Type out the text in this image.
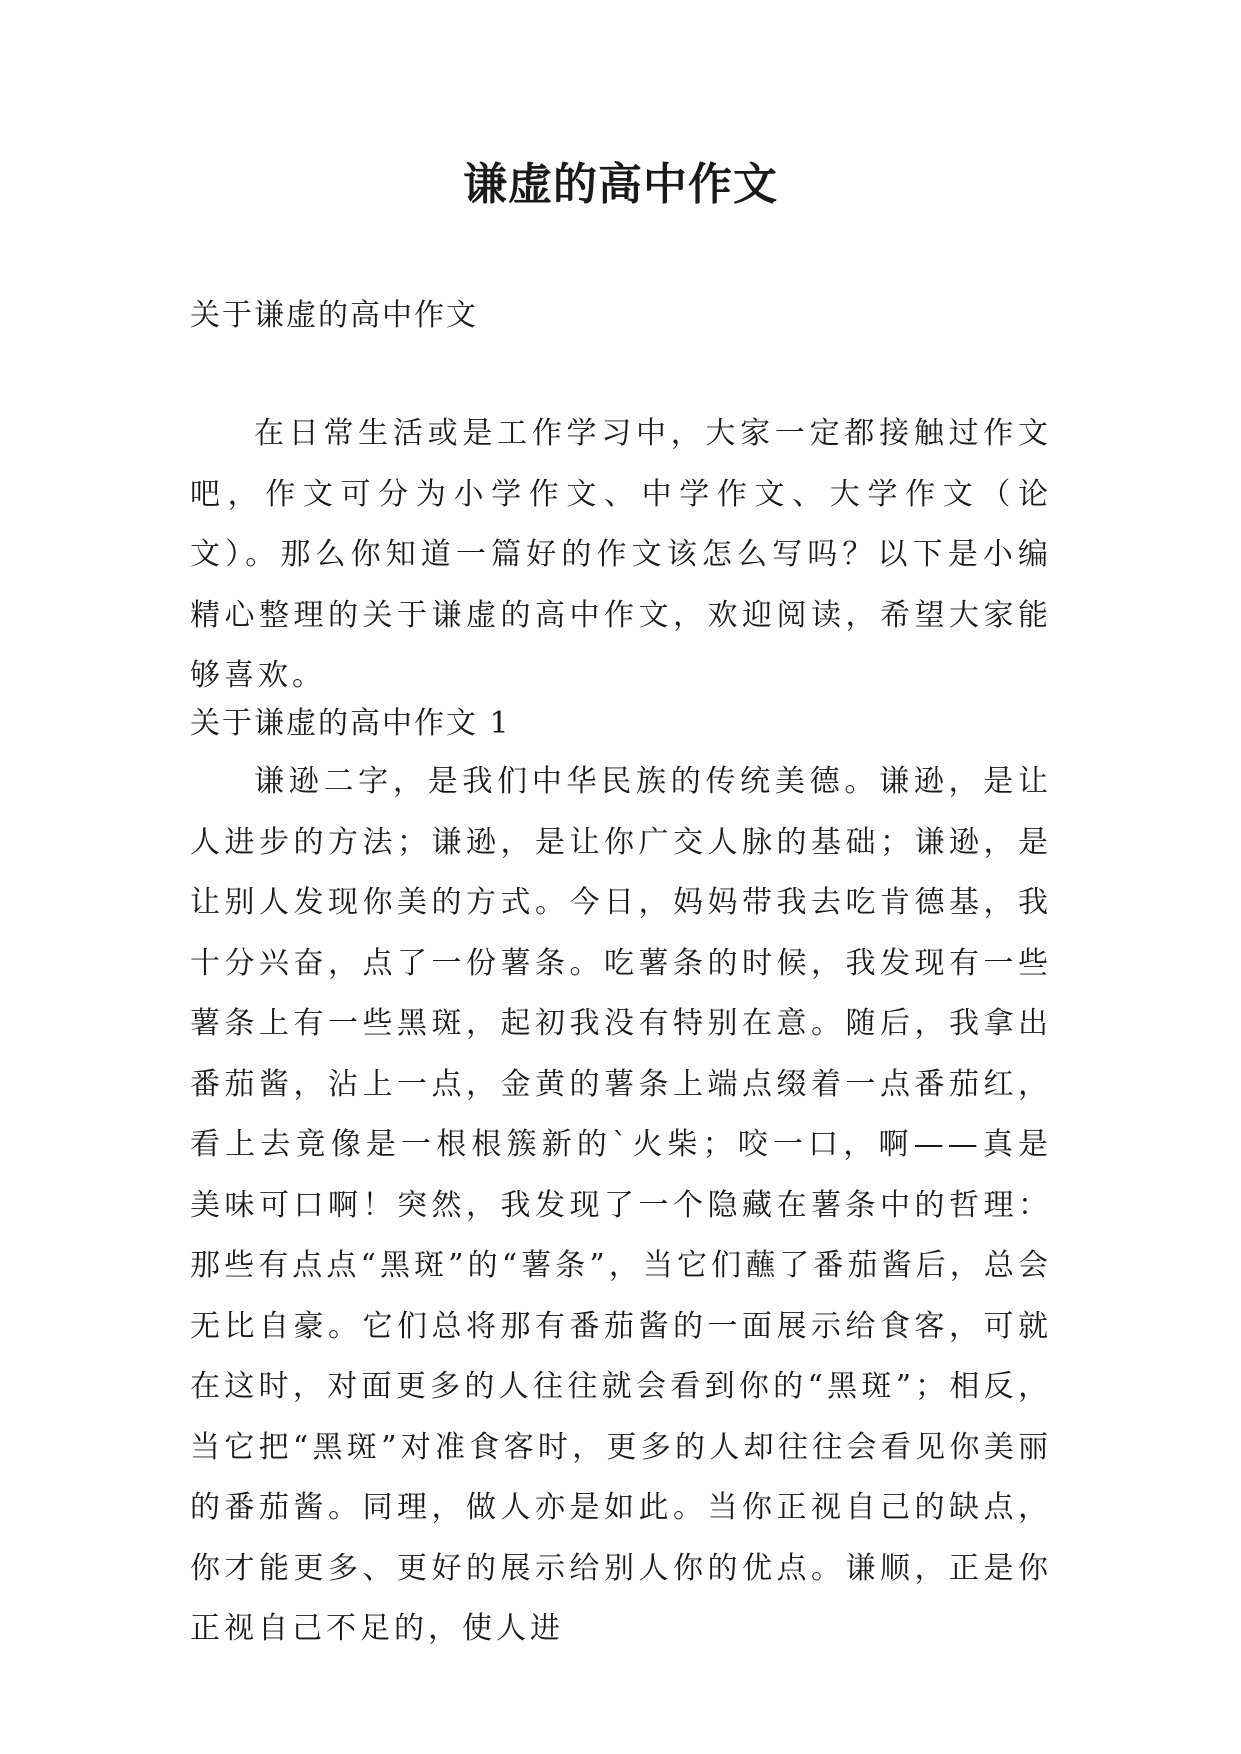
谦虚的高中作文

关于谦虚的高中作文

在日常生活或是工作学习中，大家一定都接触过作文吧，作文可分为小学作文、中学作文、大学作文（论文）。那么你知道一篇好的作文该怎么写吗？以下是小编精心整理的关于谦虚的高中作文，欢迎阅读，希望大家能够喜欢。

关于谦虚的高中作文 1

谦逊二字，是我们中华民族的传统美德。谦逊，是让人进步的方法；谦逊，是让你广交人脉的基础；谦逊，是让别人发现你美的方式。今日，妈妈带我去吃肯德基，我十分兴奋，点了一份薯条。吃薯条的时候，我发现有一些薯条上有一些黑斑，起初我没有特别在意。随后，我拿出番茄酱，沾上一点，金黄的薯条上端点缀着一点番茄红，看上去竟像是一根根簇新的`火柴；咬一口，啊——真是美味可口啊！突然，我发现了一个隐藏在薯条中的哲理：那些有点点“黑斑”的“薯条”，当它们蘸了番茄酱后，总会无比自豪。它们总将那有番茄酱的一面展示给食客，可就在这时，对面更多的人往往就会看到你的“黑斑”；相反，当它把“黑斑”对准食客时，更多的人却往往会看见你美丽的番茄酱。同理，做人亦是如此。当你正视自己的缺点，你才能更多、更好的展示给别人你的优点。谦顺，正是你正视自己不足的，使人进
